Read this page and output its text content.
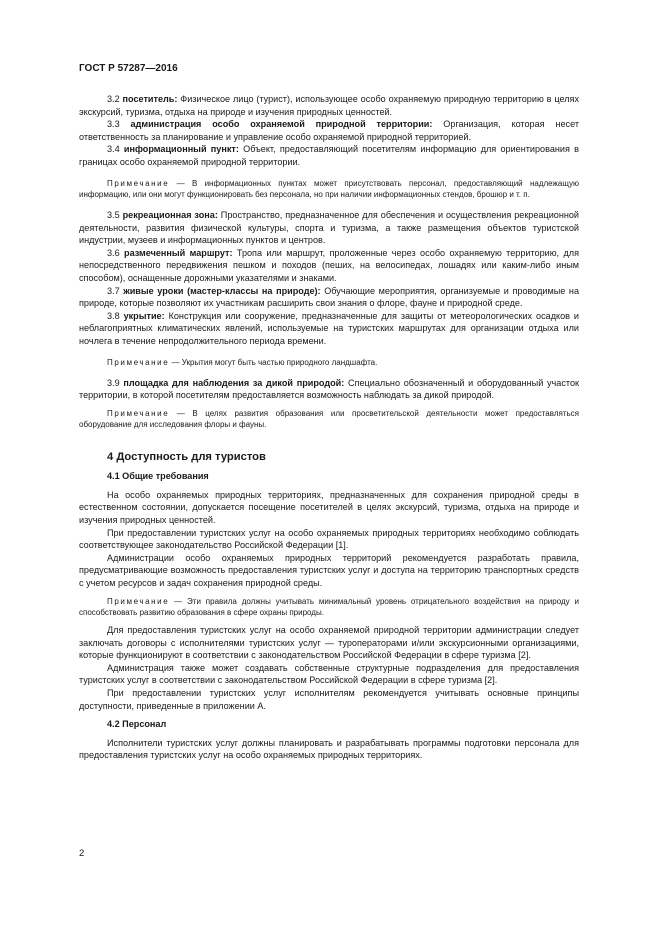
ГОСТ Р 57287—2016

3.2 посетитель: Физическое лицо (турист), использующее особо охраняемую природную территорию в целях экскурсий, туризма, отдыха на природе и изучения природных ценностей.

3.3 администрация особо охраняемой природной территории: Организация, которая несет ответственность за планирование и управление особо охраняемой природной территорией.

3.4 информационный пункт: Объект, предоставляющий посетителям информацию для ориентирования в границах особо охраняемой природной территории.

Примечание — В информационных пунктах может присутствовать персонал, предоставляющий надлежащую информацию, или они могут функционировать без персонала, но при наличии информационных стендов, брошюр и т. п.

3.5 рекреационная зона: Пространство, предназначенное для обеспечения и осуществления рекреационной деятельности, развития физической культуры, спорта и туризма, а также размещения объектов туристской индустрии, музеев и информационных пунктов и центров.

3.6 размеченный маршрут: Тропа или маршрут, проложенные через особо охраняемую территорию, для непосредственного передвижения пешком и походов (пеших, на велосипедах, лошадях или каким-либо иным способом), оснащенные дорожными указателями и знаками.

3.7 живые уроки (мастер-классы на природе): Обучающие мероприятия, организуемые и проводимые на природе, которые позволяют их участникам расширить свои знания о флоре, фауне и природной среде.

3.8 укрытие: Конструкция или сооружение, предназначенные для защиты от метеорологических осадков и неблагоприятных климатических явлений, используемые на туристских маршрутах для организации отдыха или ночлега в течение непродолжительного периода времени.

Примечание — Укрытия могут быть частью природного ландшафта.

3.9 площадка для наблюдения за дикой природой: Специально обозначенный и оборудованный участок территории, в которой посетителям предоставляется возможность наблюдать за дикой природой.

Примечание — В целях развития образования или просветительской деятельности может предоставляться оборудование для исследования флоры и фауны.

4 Доступность для туристов
4.1 Общие требования

На особо охраняемых природных территориях, предназначенных для сохранения природной среды в естественном состоянии, допускается посещение посетителей в целях экскурсий, туризма, отдыха на природе и изучения природных ценностей.

При предоставлении туристских услуг на особо охраняемых природных территориях необходимо соблюдать соответствующее законодательство Российской Федерации [1].

Администрации особо охраняемых природных территорий рекомендуется разработать правила, предусматривающие возможность предоставления туристских услуг и доступа на территорию транспортных средств с учетом ресурсов и задач сохранения природной среды.

Примечание — Эти правила должны учитывать минимальный уровень отрицательного воздействия на природу и способствовать развитию образования в сфере охраны природы.

Для предоставления туристских услуг на особо охраняемой природной территории администрации следует заключать договоры с исполнителями туристских услуг — туроператорами и/или экскурсионными организациями, которые функционируют в соответствии с законодательством Российской Федерации в сфере туризма [2].

Администрация также может создавать собственные структурные подразделения для предоставления туристских услуг в соответствии с законодательством Российской Федерации в сфере туризма [2].

При предоставлении туристских услуг исполнителям рекомендуется учитывать основные принципы доступности, приведенные в приложении А.

4.2 Персонал

Исполнители туристских услуг должны планировать и разрабатывать программы подготовки персонала для предоставления туристских услуг на особо охраняемых природных территориях.

2
